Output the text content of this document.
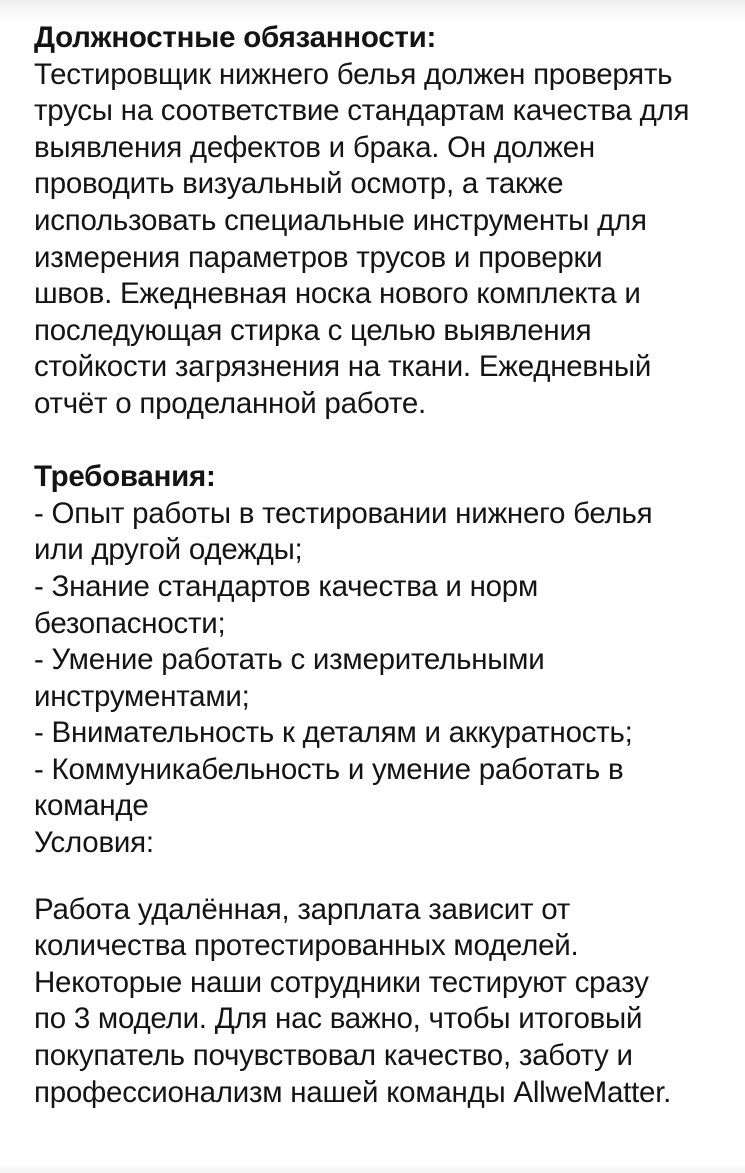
Должностные обязанности:
Тестировщик нижнего белья должен проверять
трусы на соответствие стандартам качества для
выявления дефектов и брака. Он должен
проводить визуальный осмотр, а также
использовать специальные инструменты для
измерения параметров трусов и проверки
швов. Ежедневная носка нового комплекта и
последующая стирка с целью выявления
стойкости загрязнения на ткани. Ежедневный
отчёт о проделанной работе.
Требования:
- Опыт работы в тестировании нижнего белья
или другой одежды;
- Знание стандартов качества и норм
безопасности;
- Умение работать с измерительными
инструментами;
- Внимательность к деталям и аккуратность;
- Коммуникабельность и умение работать в
команде
Условия:
Работа удалённая, зарплата зависит от
количества протестированных моделей.
Некоторые наши сотрудники тестируют сразу
по 3 модели. Для нас важно, чтобы итоговый
покупатель почувствовал качество, заботу и
профессионализм нашей команды AllweMatter.
